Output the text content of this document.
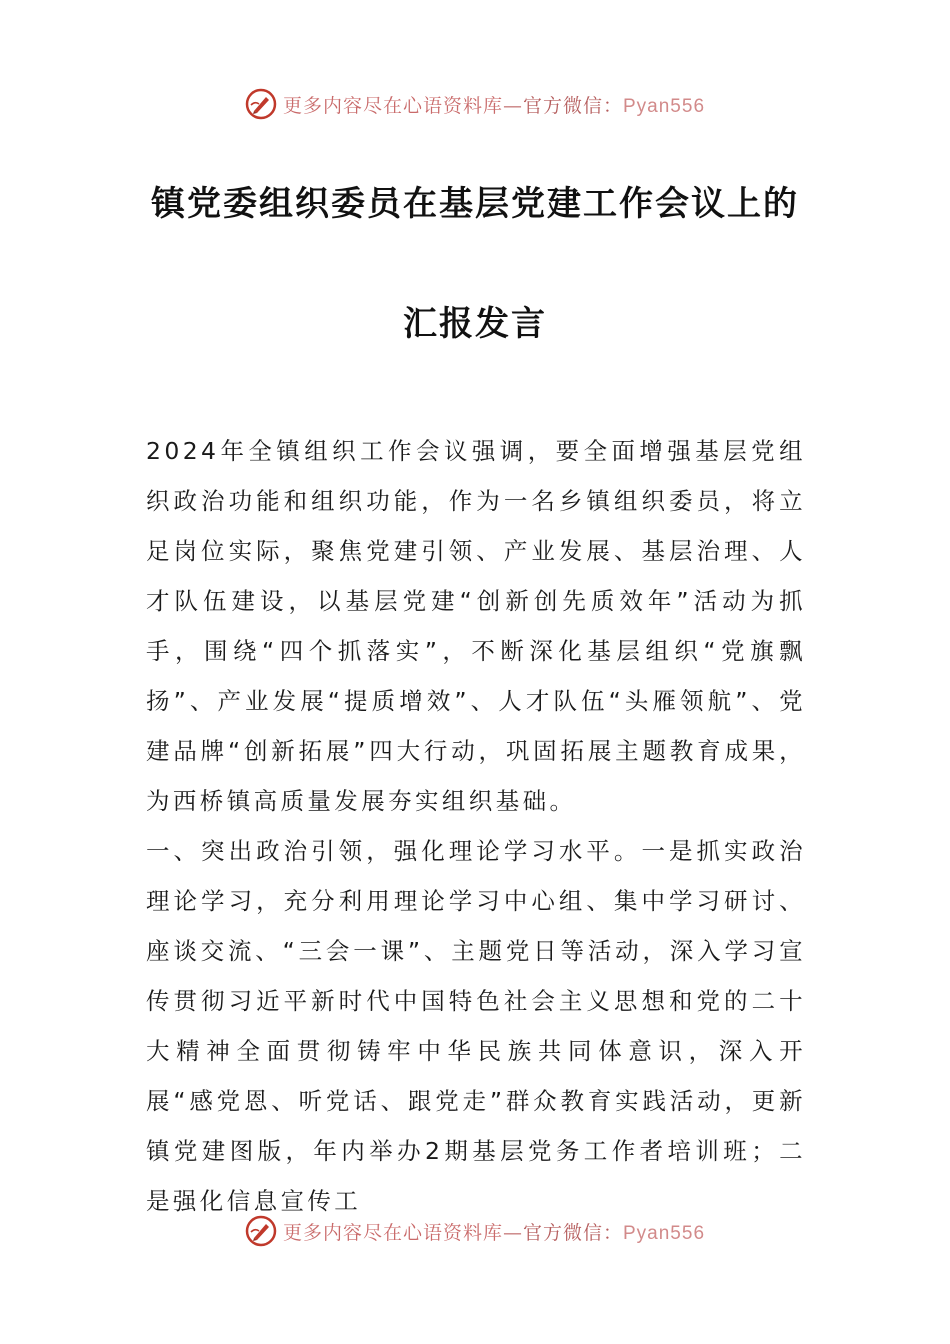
更多内容尽在心语资料库—官方微信：Pyan556
镇党委组织委员在基层党建工作会议上的
汇报发言

2024年全镇组织工作会议强调，要全面增强基层党组织政治功能和组织功能，作为一名乡镇组织委员，将立足岗位实际，聚焦党建引领、产业发展、基层治理、人才队伍建设，以基层党建“创新创先质效年”活动为抓手，围绕“四个抓落实”，不断深化基层组织“党旗飘扬”、产业发展“提质增效”、人才队伍“头雁领航”、党建品牌“创新拓展”四大行动，巩固拓展主题教育成果，为西桥镇高质量发展夯实组织基础。

一、突出政治引领，强化理论学习水平。一是抓实政治理论学习，充分利用理论学习中心组、集中学习研讨、座谈交流、“三会一课”、主题党日等活动，深入学习宣传贯彻习近平新时代中国特色社会主义思想和党的二十大精神全面贯彻铸牢中华民族共同体意识，深入开展“感党恩、听党话、跟党走”群众教育实践活动，更新镇党建图版，年内举办2期基层党务工作者培训班；二是强化信息宣传工

更多内容尽在心语资料库—官方微信：Pyan556
